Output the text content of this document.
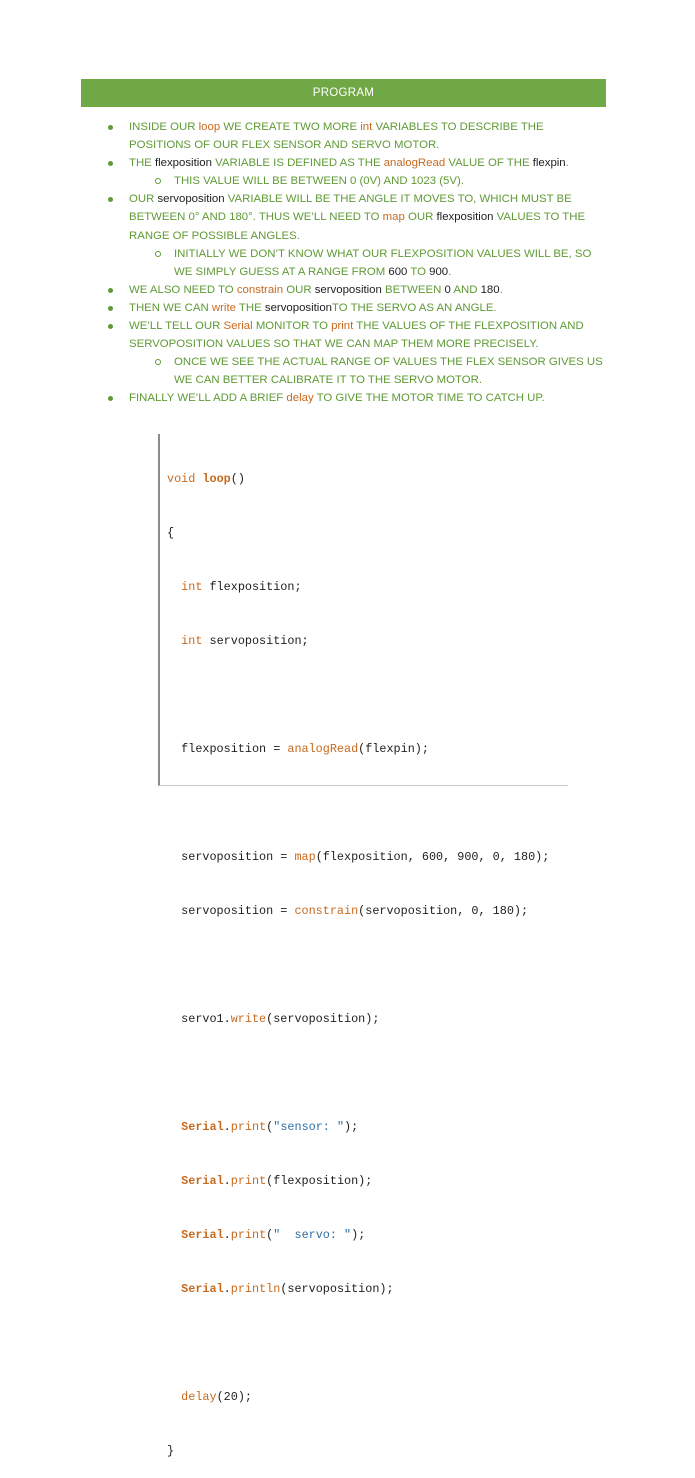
PROGRAM
INSIDE OUR loop WE CREATE TWO MORE int VARIABLES TO DESCRIBE THE POSITIONS OF OUR FLEX SENSOR AND SERVO MOTOR.
THE flexposition VARIABLE IS DEFINED AS THE analogRead VALUE OF THE flexpin.
THIS VALUE WILL BE BETWEEN 0 (0V) AND 1023 (5V).
OUR servoposition VARIABLE WILL BE THE ANGLE IT MOVES TO, WHICH MUST BE BETWEEN 0° AND 180°. THUS WE’LL NEED TO map OUR flexposition VALUES TO THE RANGE OF POSSIBLE ANGLES.
INITIALLY WE DON’T KNOW WHAT OUR FLEXPOSITION VALUES WILL BE, SO WE SIMPLY GUESS AT A RANGE FROM 600 TO 900.
WE ALSO NEED TO constrain OUR servoposition BETWEEN 0 AND 180.
THEN WE CAN write THE servopositionTO THE SERVO AS AN ANGLE.
WE’LL TELL OUR Serial MONITOR TO print THE VALUES OF THE FLEXPOSITION AND SERVOPOSITION VALUES SO THAT WE CAN MAP THEM MORE PRECISELY.
ONCE WE SEE THE ACTUAL RANGE OF VALUES THE FLEX SENSOR GIVES US WE CAN BETTER CALIBRATE IT TO THE SERVO MOTOR.
FINALLY WE’LL ADD A BRIEF delay TO GIVE THE MOTOR TIME TO CATCH UP.

void loop()

{

int flexposition;

int servoposition;

flexposition = analogRead(flexpin);

servoposition = map(flexposition, 600, 900, 0, 180);

servoposition = constrain(servoposition, 0, 180);

servo1.write(servoposition);

Serial.print("sensor: ");

Serial.print(flexposition);

Serial.print("  servo: ");

Serial.println(servoposition);

delay(20);

}
